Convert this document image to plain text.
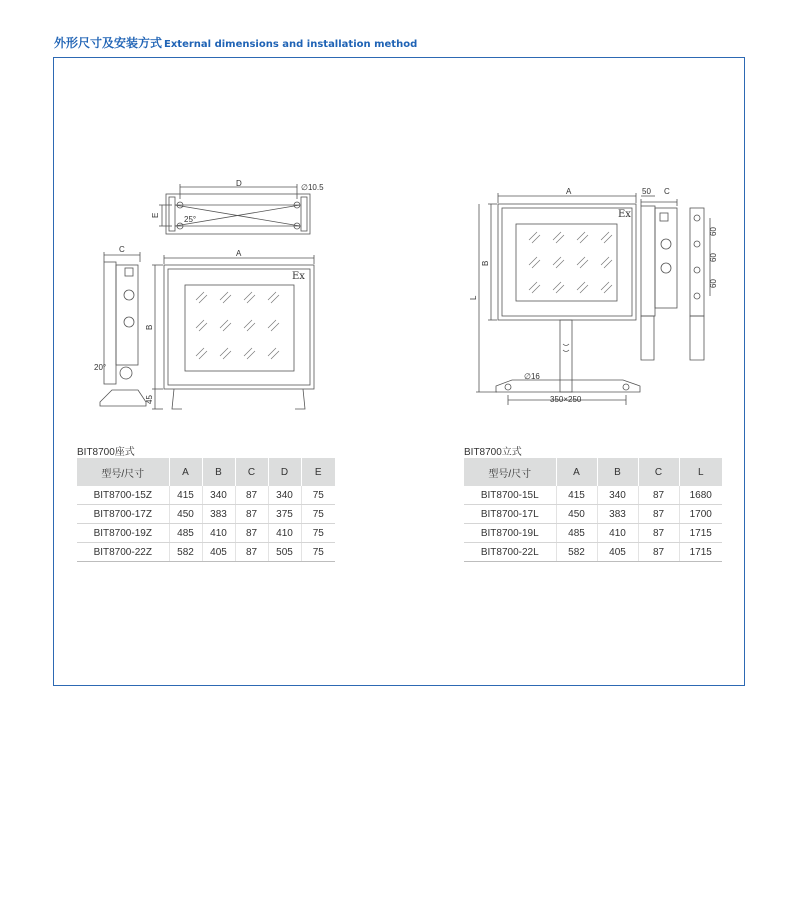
外形尺寸及安装方式 External dimensions and installation method
D	∅10.5
E	25°
C	A
Ex
B
20°
45
A	50 C
Ex
B
L
∅16
350×250
60
60
60
BIT8700座式
型号/尺寸	A	B	C	D	E
BIT8700-15Z	415	340	87	340	75
BIT8700-17Z	450	383	87	375	75
BIT8700-19Z	485	410	87	410	75
BIT8700-22Z	582	405	87	505	75
BIT8700立式
型号/尺寸	A	B	C	L
BIT8700-15L	415	340	87	1680
BIT8700-17L	450	383	87	1700
BIT8700-19L	485	410	87	1715
BIT8700-22L	582	405	87	1715
